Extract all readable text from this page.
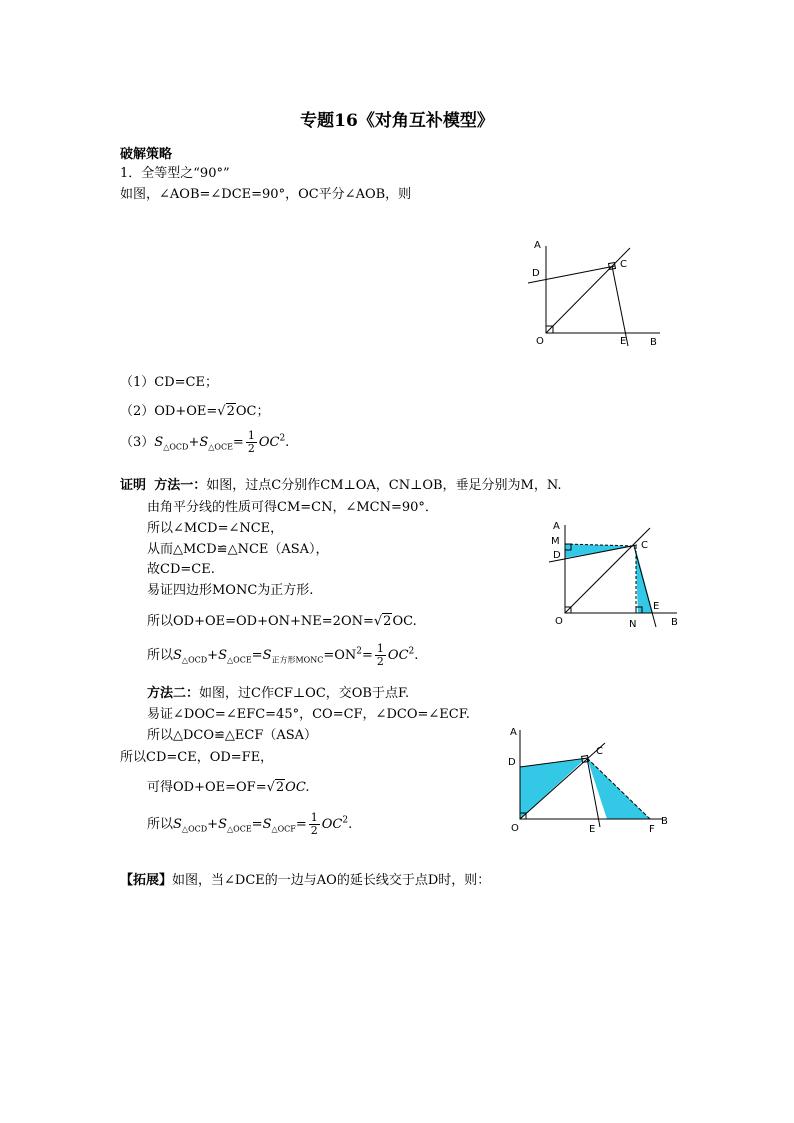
专题16《对角互补模型》
破解策略
1．全等型之“90°”
如图，∠AOB=∠DCE=90°，OC平分∠AOB，则
A
D
C
O	E B
（1）CD=CE；
（2）OD+OE=√2OC；
$(3)S_{\triangle OCD}+S_{\triangle OCE}= \frac{1}{2} OC^2$.
证明 方法一：如图，过点C分别作CM⊥OA，CN⊥OB，垂足分别为M，N.
由角平分线的性质可得CM=CN，∠MCN=90°．
所以∠MCD=∠NCE，
从而△MCD≌△NCE（ASA），
故CD=CE.
易证四边形MONC为正方形.
所以OD+OE=OD+ON+NE=2ON=√2OC.
所以$S_{\triangle OCD}+S_{\triangle OCE}=S_{正方形MONC}=ON^2= \frac{1}{2} OC^2$.
A
M
D
C
O	N
E
B
方法二：如图，过C作CF⊥OC，交OB于点F.
易证∠DOC=∠EFC=45°，CO=CF，∠DCO=∠ECF.
所以△DCO≌△ECF（ASA）
所以CD=CE，OD=FE，
可得OD+OE=OF=√2OC.
所以$S_{\triangle OCD}+S_{\triangle OCE}=S_{\triangle OCF}= \frac{1}{2} OC^2$.
A
D
C
O	E	F
B
【拓展】如图，当∠DCE的一边与AO的延长线交于点D时，则：
